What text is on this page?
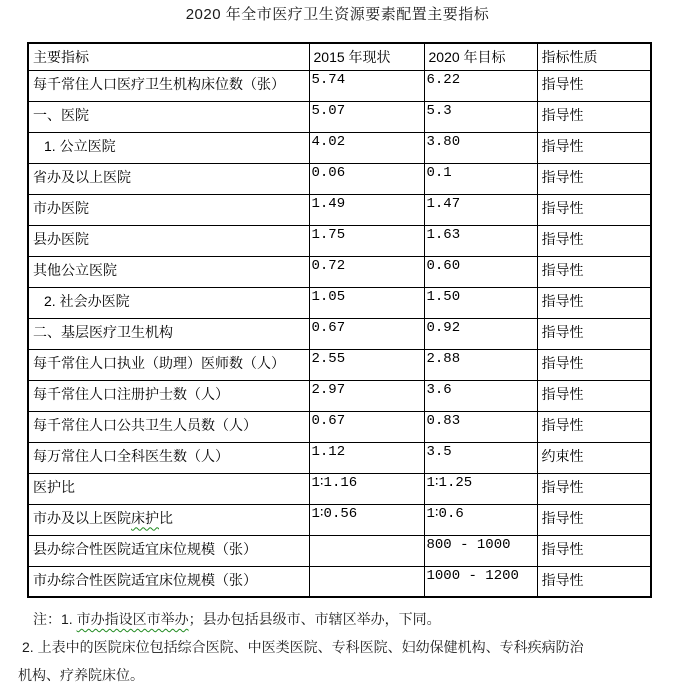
2020 年全市医疗卫生资源要素配置主要指标
主要指标	2015 年现状	2020 年目标	指标性质
每千常住人口医疗卫生机构床位数（张）	5.74	6.22	指导性
一、医院	5.07	5.3	指导性
1. 公立医院	4.02	3.80	指导性
省办及以上医院	0.06	0.1	指导性
市办医院	1.49	1.47	指导性
县办医院	1.75	1.63	指导性
其他公立医院	0.72	0.60	指导性
2. 社会办医院	1.05	1.50	指导性
二、基层医疗卫生机构	0.67	0.92	指导性
每千常住人口执业（助理）医师数（人）	2.55	2.88	指导性
每千常住人口注册护士数（人）	2.97	3.6	指导性
每千常住人口公共卫生人员数（人）	0.67	0.83	指导性
每万常住人口全科医生数（人）	1.12	3.5	约束性
医护比	1∶1.16	1∶1.25	指导性
市办及以上医院床护比	1∶0.56	1∶0.6	指导性
县办综合性医院适宜床位规模（张）		800 - 1000	指导性
市办综合性医院适宜床位规模（张）		1000 - 1200	指导性
注：1. 市办指设区市举办；县办包括县级市、市辖区举办，下同。
2. 上表中的医院床位包括综合医院、中医类医院、专科医院、妇幼保健机构、专科疾病防治
机构、疗养院床位。
